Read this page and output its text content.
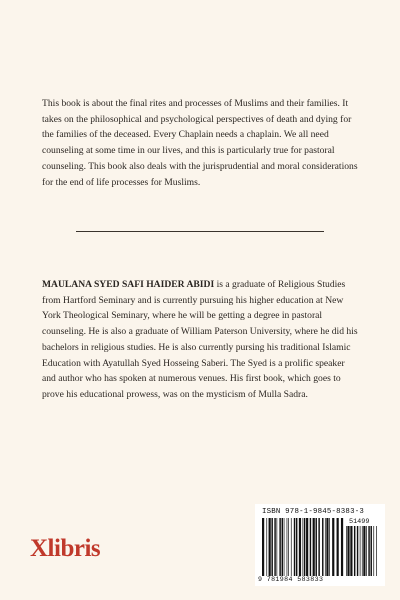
This book is about the final rites and processes of Muslims and their families. It takes on the philosophical and psychological perspectives of death and dying for the families of the deceased. Every Chaplain needs a chaplain. We all need counseling at some time in our lives, and this is particularly true for pastoral counseling. This book also deals with the jurisprudential and moral considerations for the end of life processes for Muslims.

MAULANA SYED SAFI HAIDER ABIDI is a graduate of Religious Studies from Hartford Seminary and is currently pursuing his higher education at New York Theological Seminary, where he will be getting a degree in pastoral counseling. He is also a graduate of William Paterson University, where he did his bachelors in religious studies. He is also currently pursing his traditional Islamic Education with Ayatullah Syed Hosseing Saberi. The Syed is a prolific speaker and author who has spoken at numerous venues. His first book, which goes to prove his educational prowess, was on the mysticism of Mulla Sadra.

Xlibris
ISBN 978-1-9845-8383-3
51499
9 781984 583833
